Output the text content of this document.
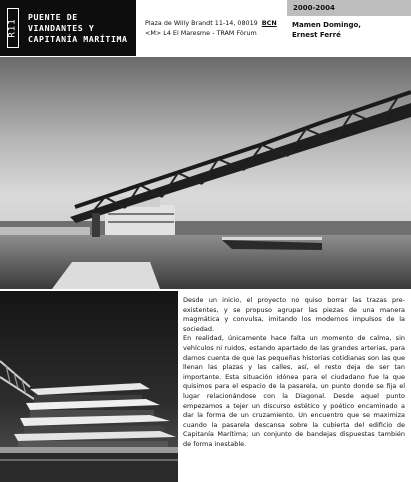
R11
PUENTE DE
VIANDANTES Y
CAPITANÍA MARÍTIMA
Plaza de Willy Brandt 11-14, 08019 BCN
<M> L4 El Maresme - TRAM Fòrum
2000-2004
Mamen Domingo,
Ernest Ferré

Desde un inicio, el proyecto no quiso borrar las trazas pre-existentes, y se propuso agrupar las piezas de una manera magmática y convulsa, imitando los modernos impulsos de la sociedad.

En realidad, únicamente hace falta un momento de calma, sin vehículos ni ruidos, estando apartado de las grandes arterias, para darnos cuenta de que las pequeñas historias cotidianas son las que llenan las plazas y las calles, así, el resto deja de ser tan importante. Esta situación idónea para el ciudadano fue la que quisimos para el espacio de la pasarela, un punto donde se fija el lugar relacionándose con la Diagonal. Desde aquel punto empezamos a tejer un discurso estético y poético encaminado a dar la forma de un cruzamiento. Un encuentro que se maximiza cuando la pasarela descansa sobre la cubierta del edificio de Capitanía Marítima; un conjunto de bandejas dispuestas también de forma inestable.
